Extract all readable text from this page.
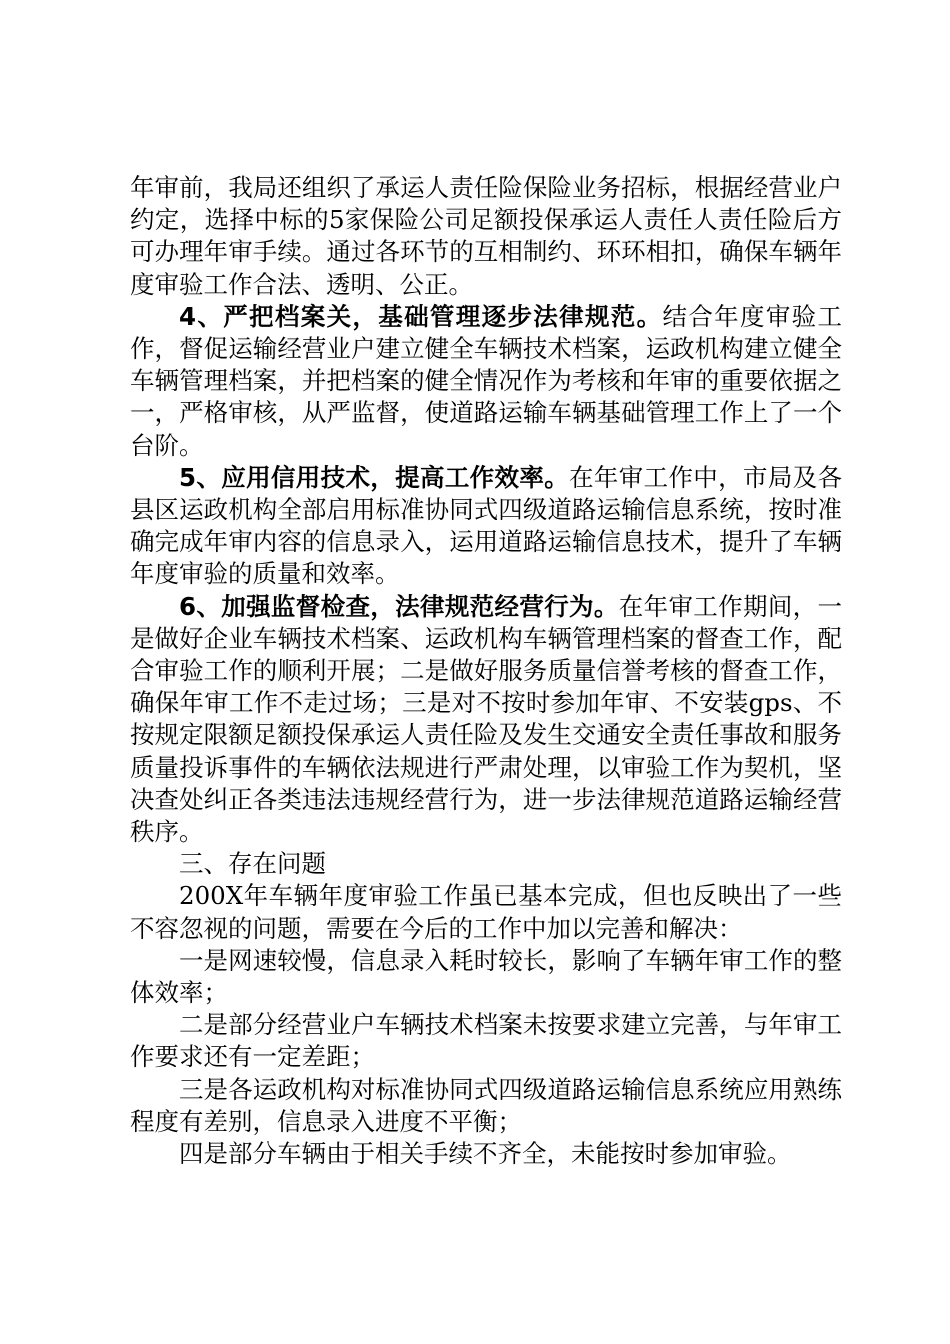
年审前，我局还组织了承运人责任险保险业务招标，根据经营业户约定，选择中标的5家保险公司足额投保承运人责任人责任险后方可办理年审手续。通过各环节的互相制约、环环相扣，确保车辆年度审验工作合法、透明、公正。

4、严把档案关，基础管理逐步法律规范。结合年度审验工作，督促运输经营业户建立健全车辆技术档案，运政机构建立健全车辆管理档案，并把档案的健全情况作为考核和年审的重要依据之一，严格审核，从严监督，使道路运输车辆基础管理工作上了一个台阶。

5、应用信用技术，提高工作效率。在年审工作中，市局及各县区运政机构全部启用标准协同式四级道路运输信息系统，按时准确完成年审内容的信息录入，运用道路运输信息技术，提升了车辆年度审验的质量和效率。

6、加强监督检查，法律规范经营行为。在年审工作期间，一是做好企业车辆技术档案、运政机构车辆管理档案的督查工作，配合审验工作的顺利开展；二是做好服务质量信誉考核的督查工作，确保年审工作不走过场；三是对不按时参加年审、不安装gps、不按规定限额足额投保承运人责任险及发生交通安全责任事故和服务质量投诉事件的车辆依法规进行严肃处理，以审验工作为契机，坚决查处纠正各类违法违规经营行为，进一步法律规范道路运输经营秩序。

三、存在问题

200X年车辆年度审验工作虽已基本完成，但也反映出了一些不容忽视的问题，需要在今后的工作中加以完善和解决：

一是网速较慢，信息录入耗时较长，影响了车辆年审工作的整体效率；

二是部分经营业户车辆技术档案未按要求建立完善，与年审工作要求还有一定差距；

三是各运政机构对标准协同式四级道路运输信息系统应用熟练程度有差别，信息录入进度不平衡；

四是部分车辆由于相关手续不齐全，未能按时参加审验。
